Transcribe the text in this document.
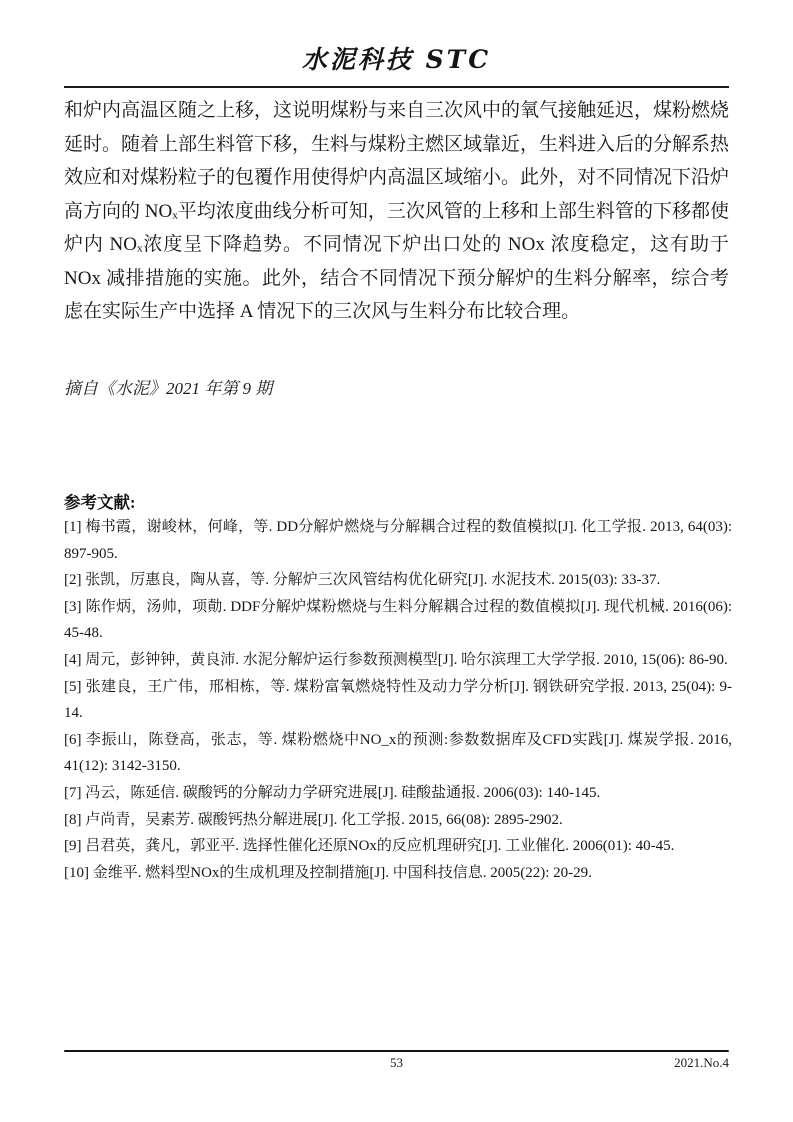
水泥科技 STC

和炉内高温区随之上移，这说明煤粉与来自三次风中的氧气接触延迟，煤粉燃烧延时。随着上部生料管下移，生料与煤粉主燃区域靠近，生料进入后的分解系热效应和对煤粉粒子的包覆作用使得炉内高温区域缩小。此外，对不同情况下沿炉高方向的 NOₓ平均浓度曲线分析可知，三次风管的上移和上部生料管的下移都使炉内 NOₓ浓度呈下降趋势。不同情况下炉出口处的 NOx 浓度稳定，这有助于 NOx 减排措施的实施。此外，结合不同情况下预分解炉的生料分解率，综合考虑在实际生产中选择 A 情况下的三次风与生料分布比较合理。

摘自《水泥》2021 年第 9 期

参考文献:
[1] 梅书霞，谢峻林，何峰，等. DD分解炉燃烧与分解耦合过程的数值模拟[J]. 化工学报. 2013, 64(03): 897-905.
[2] 张凯，厉惠良，陶从喜，等. 分解炉三次风管结构优化研究[J]. 水泥技术. 2015(03): 33-37.
[3] 陈作炳，汤帅，项勣. DDF分解炉煤粉燃烧与生料分解耦合过程的数值模拟[J]. 现代机械. 2016(06): 45-48.
[4] 周元，彭钟钟，黄良沛. 水泥分解炉运行参数预测模型[J]. 哈尔滨理工大学学报. 2010, 15(06): 86-90.
[5] 张建良，王广伟，邢相栋，等. 煤粉富氧燃烧特性及动力学分析[J]. 钢铁研究学报. 2013, 25(04): 9-14.
[6] 李振山，陈登高，张志，等. 煤粉燃烧中NO_x的预测:参数数据库及CFD实践[J]. 煤炭学报. 2016, 41(12): 3142-3150.
[7] 冯云，陈延信. 碳酸钙的分解动力学研究进展[J]. 硅酸盐通报. 2006(03): 140-145.
[8] 卢尚青，吴素芳. 碳酸钙热分解进展[J]. 化工学报. 2015, 66(08): 2895-2902.
[9] 吕君英，龚凡，郭亚平. 选择性催化还原NOx的反应机理研究[J]. 工业催化. 2006(01): 40-45.
[10] 金维平. 燃料型NOx的生成机理及控制措施[J]. 中国科技信息. 2005(22): 20-29.
53	2021.No.4
